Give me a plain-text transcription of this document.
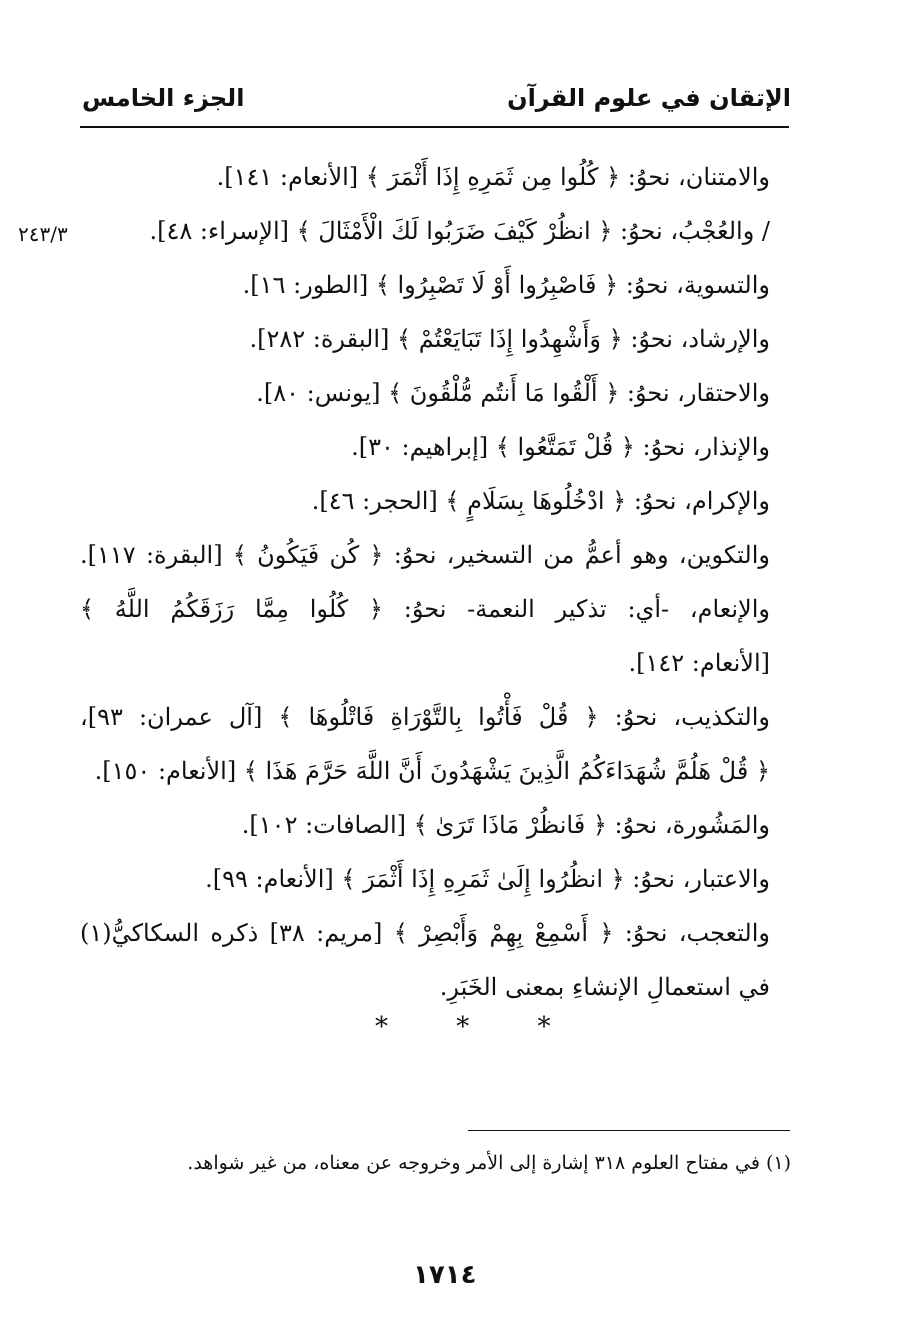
الإتقان في علوم القرآن
الجزء الخامس
٢٤٣/٣
والامتنان، نحوُ: ﴿ كُلُوا مِن ثَمَرِهِ إِذَا أَثْمَرَ ﴾ [الأنعام: ١٤١].
/ والعُجْبُ، نحوُ: ﴿ انظُرْ كَيْفَ ضَرَبُوا لَكَ الْأَمْثَالَ ﴾ [الإسراء: ٤٨].
والتسوية، نحوُ: ﴿ فَاصْبِرُوا أَوْ لَا تَصْبِرُوا ﴾ [الطور: ١٦].
والإرشاد، نحوُ: ﴿ وَأَشْهِدُوا إِذَا تَبَايَعْتُمْ ﴾ [البقرة: ٢٨٢].
والاحتقار، نحوُ: ﴿ أَلْقُوا مَا أَنتُم مُّلْقُونَ ﴾ [يونس: ٨٠].
والإنذار، نحوُ: ﴿ قُلْ تَمَتَّعُوا ﴾ [إبراهيم: ٣٠].
والإكرام، نحوُ: ﴿ ادْخُلُوهَا بِسَلَامٍ ﴾ [الحجر: ٤٦].
والتكوين، وهو أعمُّ من التسخير، نحوُ: ﴿ كُن فَيَكُونُ ﴾ [البقرة: ١١٧].
والإنعام، -أي: تذكير النعمة- نحوُ: ﴿ كُلُوا مِمَّا رَزَقَكُمُ اللَّهُ ﴾
[الأنعام: ١٤٢].
والتكذيب، نحوُ: ﴿ قُلْ فَأْتُوا بِالتَّوْرَاةِ فَاتْلُوهَا ﴾ [آل عمران: ٩٣]،
﴿ قُلْ هَلُمَّ شُهَدَاءَكُمُ الَّذِينَ يَشْهَدُونَ أَنَّ اللَّهَ حَرَّمَ هَذَا ﴾ [الأنعام: ١٥٠].
والمَشُورة، نحوُ: ﴿ فَانظُرْ مَاذَا تَرَىٰ ﴾ [الصافات: ١٠٢].
والاعتبار، نحوُ: ﴿ انظُرُوا إِلَىٰ ثَمَرِهِ إِذَا أَثْمَرَ ﴾ [الأنعام: ٩٩].
والتعجب، نحوُ: ﴿ أَسْمِعْ بِهِمْ وَأَبْصِرْ ﴾ [مريم: ٣٨] ذكره السكاكيُّ(١)
في استعمالِ الإنشاءِ بمعنى الخَبَرِ.
* * *
(١) في مفتاح العلوم ٣١٨ إشارة إلى الأمر وخروجه عن معناه، من غير شواهد.
١٧١٤
